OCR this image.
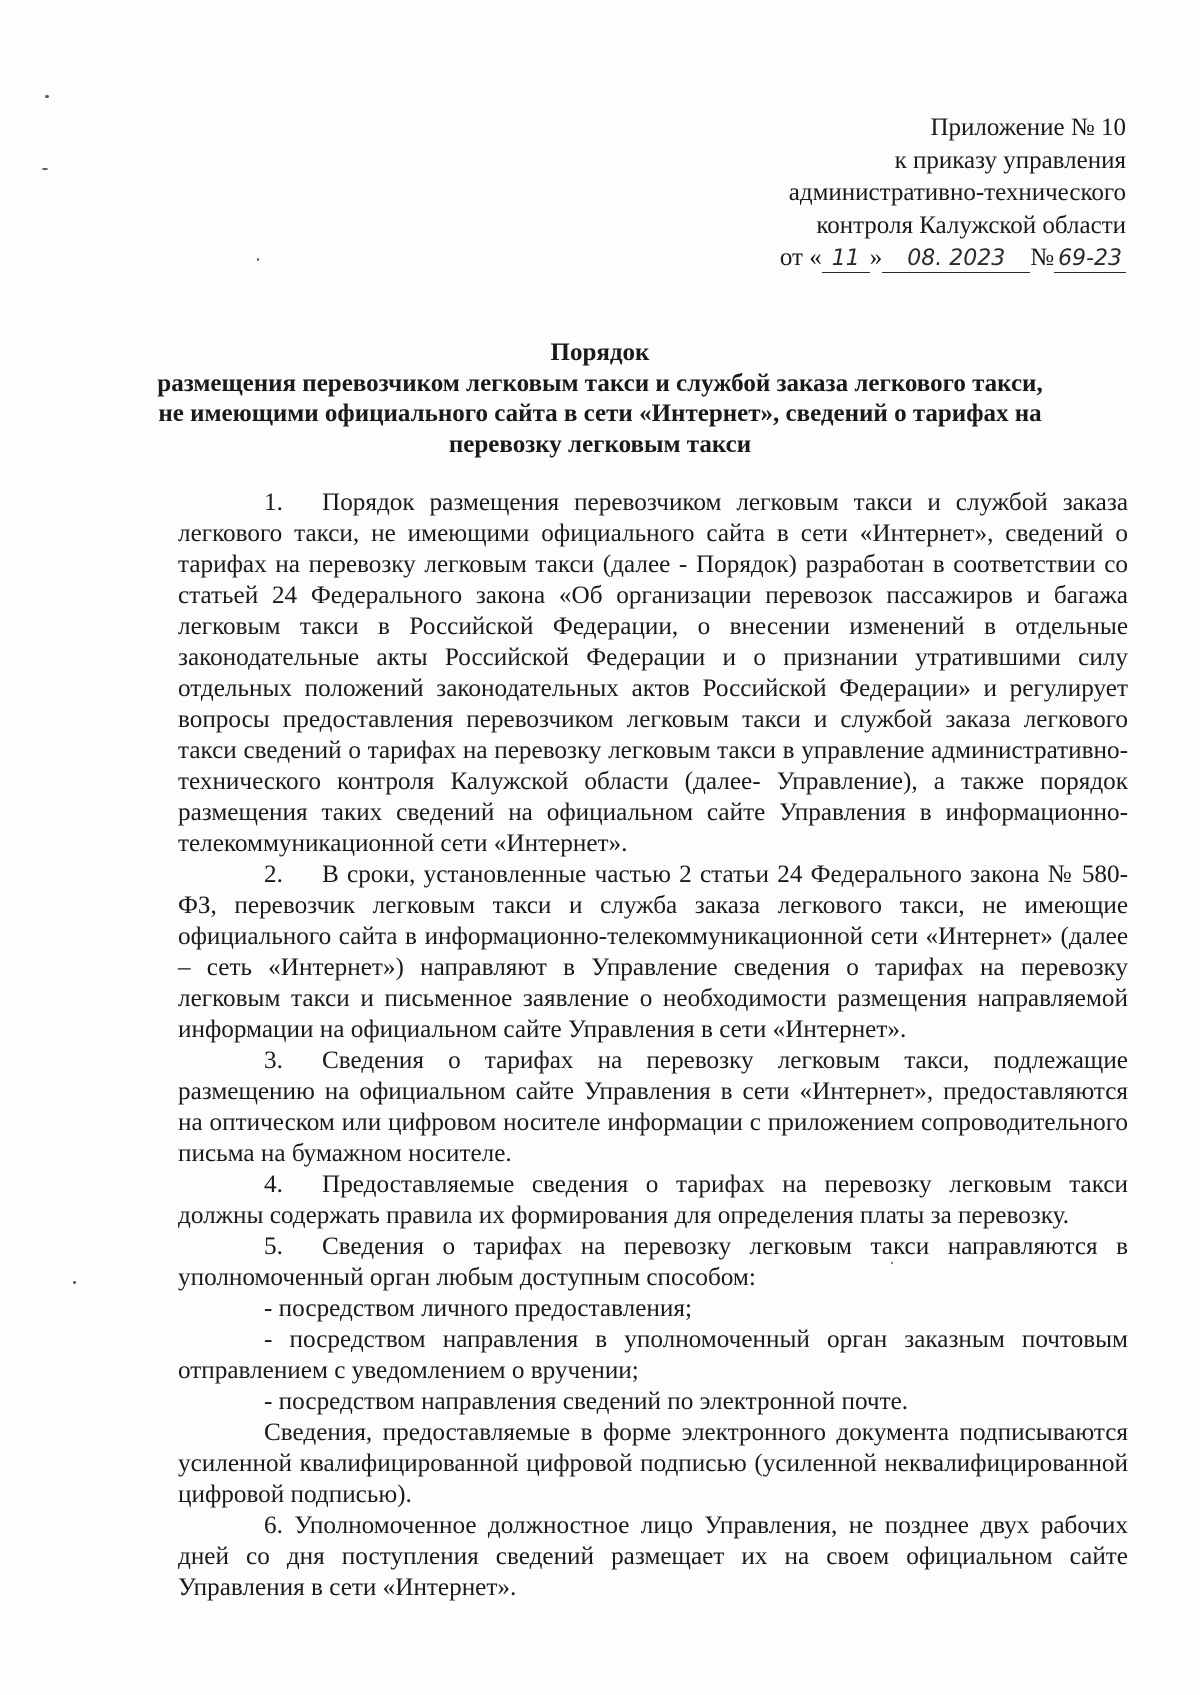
Приложение № 10
к приказу управления
административно-технического
контроля Калужской области
от « 11 » 08. 2023 № 69-23
Порядок
размещения перевозчиком легковым такси и службой заказа легкового такси,
не имеющими официального сайта в сети «Интернет», сведений о тарифах на
перевозку легковым такси

1. Порядок размещения перевозчиком легковым такси и службой заказа легкового такси, не имеющими официального сайта в сети «Интернет», сведений о тарифах на перевозку легковым такси (далее - Порядок) разработан в соответствии со статьей 24 Федерального закона «Об организации перевозок пассажиров и багажа легковым такси в Российской Федерации, о внесении изменений в отдельные законодательные акты Российской Федерации и о признании утратившими силу отдельных положений законодательных актов Российской Федерации» и регулирует вопросы предоставления перевозчиком легковым такси и службой заказа легкового такси сведений о тарифах на перевозку легковым такси в управление административно-технического контроля Калужской области (далее- Управление), а также порядок размещения таких сведений на официальном сайте Управления в информационно-телекоммуникационной сети «Интернет».

2. В сроки, установленные частью 2 статьи 24 Федерального закона № 580-ФЗ, перевозчик легковым такси и служба заказа легкового такси, не имеющие официального сайта в информационно-телекоммуникационной сети «Интернет» (далее – сеть «Интернет») направляют в Управление сведения о тарифах на перевозку легковым такси и письменное заявление о необходимости размещения направляемой информации на официальном сайте Управления в сети «Интернет».

3. Сведения о тарифах на перевозку легковым такси, подлежащие размещению на официальном сайте Управления в сети «Интернет», предоставляются на оптическом или цифровом носителе информации с приложением сопроводительного письма на бумажном носителе.

4. Предоставляемые сведения о тарифах на перевозку легковым такси должны содержать правила их формирования для определения платы за перевозку.

5. Сведения о тарифах на перевозку легковым такси направляются в уполномоченный орган любым доступным способом:

- посредством личного предоставления;

- посредством направления в уполномоченный орган заказным почтовым отправлением с уведомлением о вручении;

- посредством направления сведений по электронной почте.

Сведения, предоставляемые в форме электронного документа подписываются усиленной квалифицированной цифровой подписью (усиленной неквалифицированной цифровой подписью).

6. Уполномоченное должностное лицо Управления, не позднее двух рабочих дней со дня поступления сведений размещает их на своем официальном сайте Управления в сети «Интернет».
